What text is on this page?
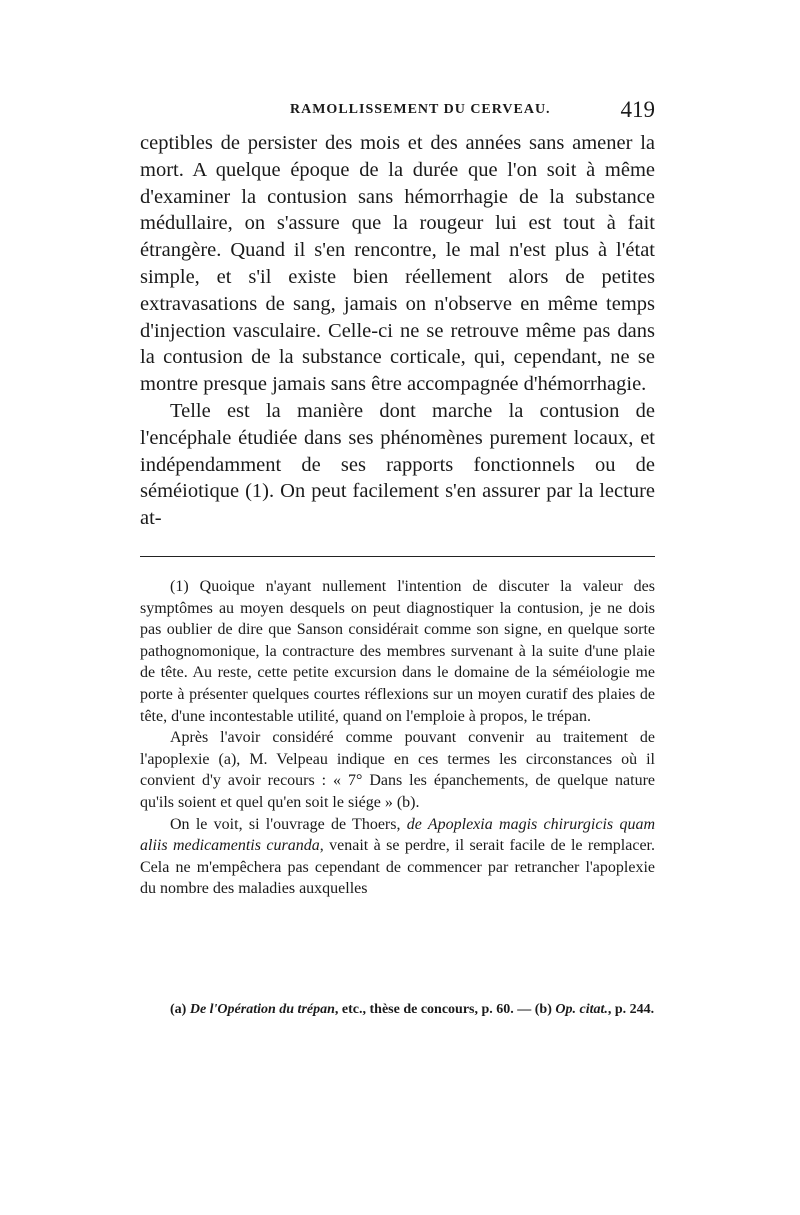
RAMOLLISSEMENT DU CERVEAU.	419

ceptibles de persister des mois et des années sans amener la mort. A quelque époque de la durée que l'on soit à même d'examiner la contusion sans hémorrhagie de la substance médullaire, on s'assure que la rougeur lui est tout à fait étrangère. Quand il s'en rencontre, le mal n'est plus à l'état simple, et s'il existe bien réellement alors de petites extravasations de sang, jamais on n'observe en même temps d'injection vasculaire. Celle-ci ne se retrouve même pas dans la contusion de la substance corticale, qui, cependant, ne se montre presque jamais sans être accompagnée d'hémorrhagie.

Telle est la manière dont marche la contusion de l'encéphale étudiée dans ses phénomènes purement locaux, et indépendamment de ses rapports fonctionnels ou de séméiotique (1). On peut facilement s'en assurer par la lecture at-

(1) Quoique n'ayant nullement l'intention de discuter la valeur des symptômes au moyen desquels on peut diagnostiquer la contusion, je ne dois pas oublier de dire que Sanson considérait comme son signe, en quelque sorte pathognomonique, la contracture des membres survenant à la suite d'une plaie de tête. Au reste, cette petite excursion dans le domaine de la séméiologie me porte à présenter quelques courtes réflexions sur un moyen curatif des plaies de tête, d'une incontestable utilité, quand on l'emploie à propos, le trépan.

Après l'avoir considéré comme pouvant convenir au traitement de l'apoplexie (a), M. Velpeau indique en ces termes les circonstances où il convient d'y avoir recours : « 7° Dans les épanchements, de quelque nature qu'ils soient et quel qu'en soit le siége » (b).

On le voit, si l'ouvrage de Thoers, de Apoplexia magis chirurgicis quam aliis medicamentis curanda, venait à se perdre, il serait facile de le remplacer. Cela ne m'empêchera pas cependant de commencer par retrancher l'apoplexie du nombre des maladies auxquelles

(a) De l'Opération du trépan, etc., thèse de concours, p. 60. — (b) Op. citat., p. 244.
